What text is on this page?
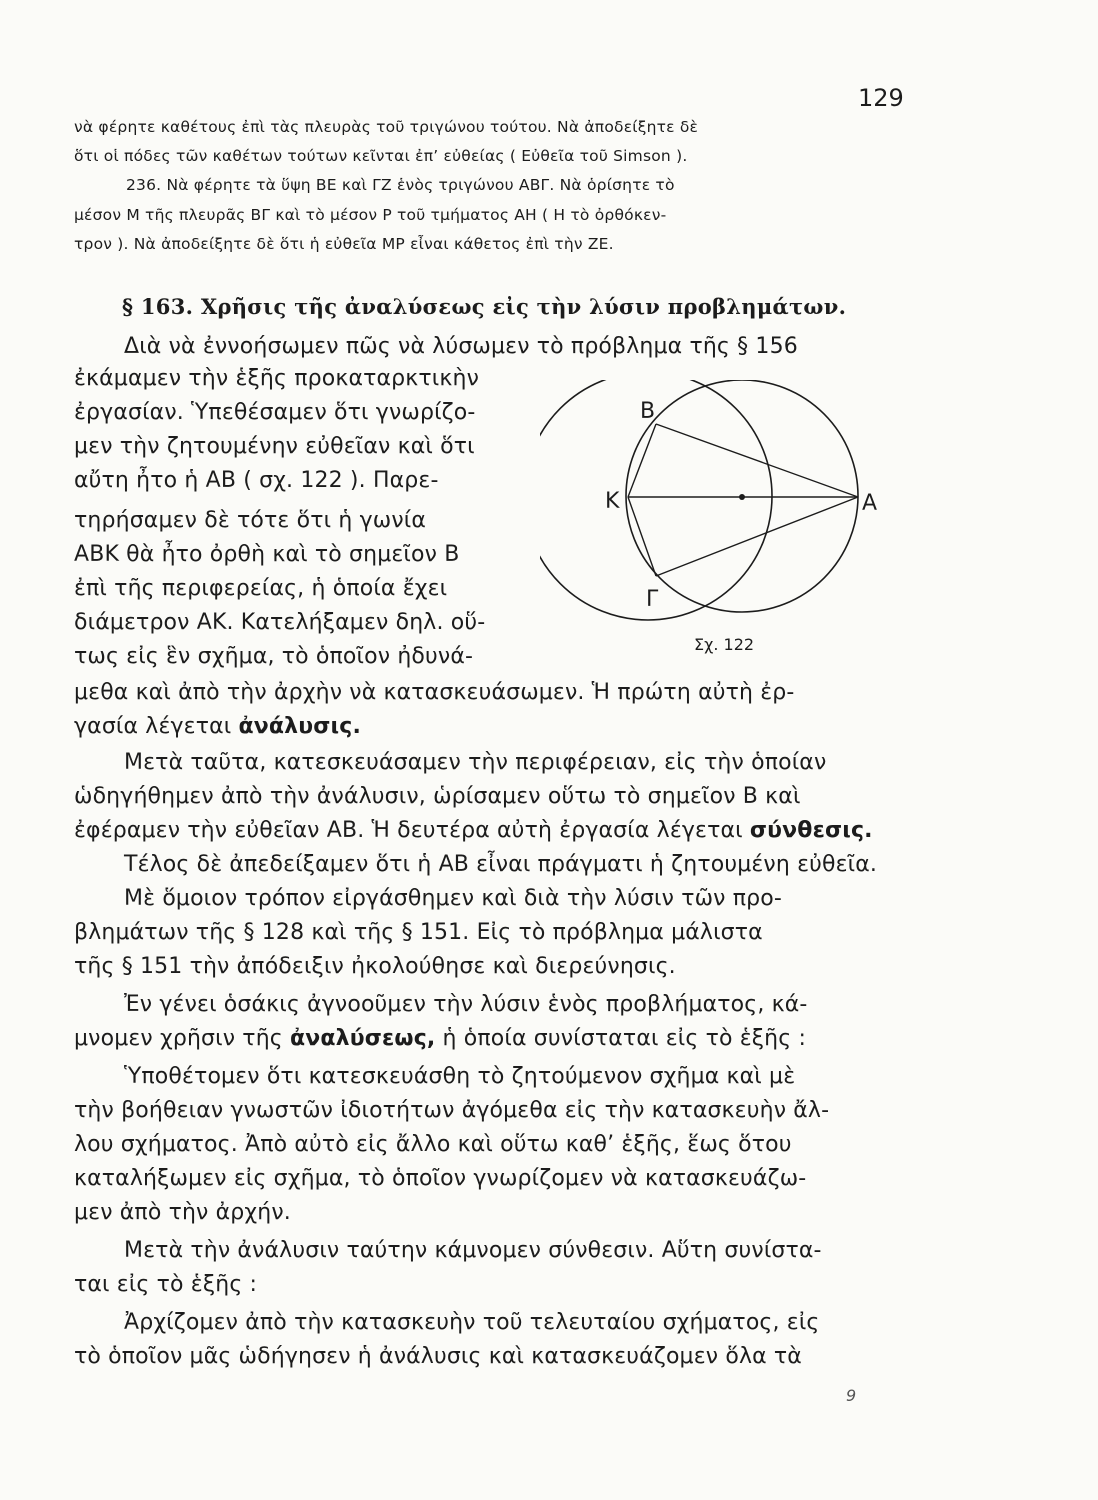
129
νὰ φέρητε καθέτους ἐπὶ τὰς πλευρὰς τοῦ τριγώνου τούτου. Νὰ ἀποδείξητε δὲ
ὅτι οἱ πόδες τῶν καθέτων τούτων κεῖνται ἐπ’ εὐθείας ( Εὐθεῖα τοῦ Simson ).
236. Νὰ φέρητε τὰ ὕψη ΒΕ καὶ ΓΖ ἑνὸς τριγώνου ΑΒΓ. Νὰ ὁρίσητε τὸ
μέσον Μ τῆς πλευρᾶς ΒΓ καὶ τὸ μέσον Ρ τοῦ τμήματος ΑΗ ( Η τὸ ὀρθόκεν-
τρον ). Νὰ ἀποδείξητε δὲ ὅτι ἡ εὐθεῖα ΜΡ εἶναι κάθετος ἐπὶ τὴν ΖΕ.
§ 163. Χρῆσις τῆς ἀναλύσεως εἰς τὴν λύσιν προβλημάτων.
Διὰ νὰ ἐννοήσωμεν πῶς νὰ λύσωμεν τὸ πρόβλημα τῆς § 156
ἐκάμαμεν τὴν ἑξῆς προκαταρκτικὴν
ἐργασίαν. Ὑπεθέσαμεν ὅτι γνωρίζο-
μεν τὴν ζητουμένην εὐθεῖαν καὶ ὅτι
αὔτη ἦτο ἡ ΑΒ ( σχ. 122 ). Παρε-
τηρήσαμεν δὲ τότε ὅτι ἡ γωνία
ΑΒΚ θὰ ἦτο ὀρθὴ καὶ τὸ σημεῖον Β
ἐπὶ τῆς περιφερείας, ἡ ὁποία ἔχει
διάμετρον ΑΚ. Κατελήξαμεν δηλ. οὕ-
τως εἰς ἓν σχῆμα, τὸ ὁποῖον ἠδυνά-
μεθα καὶ ἀπὸ τὴν ἀρχὴν νὰ κατασκευάσωμεν. Ἡ πρώτη αὐτὴ ἐρ-
γασία λέγεται ἀνάλυσις.
Μετὰ ταῦτα, κατεσκευάσαμεν τὴν περιφέρειαν, εἰς τὴν ὁποίαν
ὡδηγήθημεν ἀπὸ τὴν ἀνάλυσιν, ὡρίσαμεν οὕτω τὸ σημεῖον Β καὶ
ἐφέραμεν τὴν εὐθεῖαν ΑΒ. Ἡ δευτέρα αὐτὴ ἐργασία λέγεται σύνθεσις.
Τέλος δὲ ἀπεδείξαμεν ὅτι ἡ ΑΒ εἶναι πράγματι ἡ ζητουμένη εὐθεῖα.
Μὲ ὅμοιον τρόπον εἰργάσθημεν καὶ διὰ τὴν λύσιν τῶν προ-
βλημάτων τῆς § 128 καὶ τῆς § 151. Εἰς τὸ πρόβλημα μάλιστα
τῆς § 151 τὴν ἀπόδειξιν ἠκολούθησε καὶ διερεύνησις.
Ἐν γένει ὁσάκις ἀγνοοῦμεν τὴν λύσιν ἑνὸς προβλήματος, κά-
μνομεν χρῆσιν τῆς ἀναλύσεως, ἡ ὁποία συνίσταται εἰς τὸ ἑξῆς :
Ὑποθέτομεν ὅτι κατεσκευάσθη τὸ ζητούμενον σχῆμα καὶ μὲ
τὴν βοήθειαν γνωστῶν ἰδιοτήτων ἀγόμεθα εἰς τὴν κατασκευὴν ἄλ-
λου σχήματος. Ἀπὸ αὐτὸ εἰς ἄλλο καὶ οὕτω καθ’ ἑξῆς, ἕως ὅτου
καταλήξωμεν εἰς σχῆμα, τὸ ὁποῖον γνωρίζομεν νὰ κατασκευάζω-
μεν ἀπὸ τὴν ἀρχήν.
Μετὰ τὴν ἀνάλυσιν ταύτην κάμνομεν σύνθεσιν. Αὕτη συνίστα-
ται εἰς τὸ ἑξῆς :
Ἀρχίζομεν ἀπὸ τὴν κατασκευὴν τοῦ τελευταίου σχήματος, εἰς
τὸ ὁποῖον μᾶς ὡδήγησεν ἡ ἀνάλυσις καὶ κατασκευάζομεν ὅλα τὰ
9
Β
Κ	Α
Γ
Σχ. 122
